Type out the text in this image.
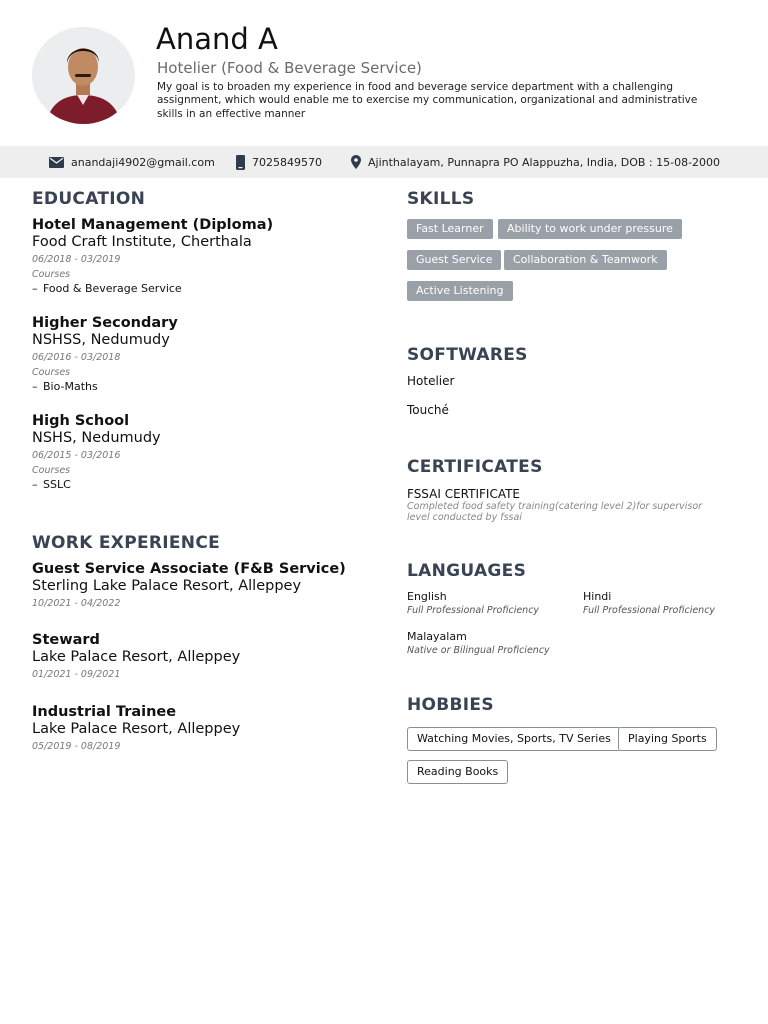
Anand A
Hotelier (Food & Beverage Service)
My goal is to broaden my experience in food and beverage service department with a challenging assignment, which would enable me to exercise my communication, organizational and administrative skills in an effective manner
anandaji4902@gmail.com	7025849570	Ajinthalayam, Punnapra PO Alappuzha, India, DOB : 15-08-2000
EDUCATION
Hotel Management (Diploma)
Food Craft Institute, Cherthala
06/2018 - 03/2019
Courses
– Food & Beverage Service
Higher Secondary
NSHSS, Nedumudy
06/2016 - 03/2018
Courses
– Bio-Maths
High School
NSHS, Nedumudy
06/2015 - 03/2016
Courses
– SSLC
WORK EXPERIENCE
Guest Service Associate (F&B Service)
Sterling Lake Palace Resort, Alleppey
10/2021 - 04/2022
Steward
Lake Palace Resort, Alleppey
01/2021 - 09/2021
Industrial Trainee
Lake Palace Resort, Alleppey
05/2019 - 08/2019
SKILLS
Fast Learner	Ability to work under pressure
Guest Service	Collaboration & Teamwork
Active Listening
SOFTWARES
Hotelier
Touché
CERTIFICATES
FSSAI CERTIFICATE
Completed food safety training(catering level 2)for supervisor level conducted by fssai
LANGUAGES
English
Full Professional Proficiency
Hindi
Full Professional Proficiency
Malayalam
Native or Bilingual Proficiency
HOBBIES
Watching Movies, Sports, TV Series	Playing Sports
Reading Books
